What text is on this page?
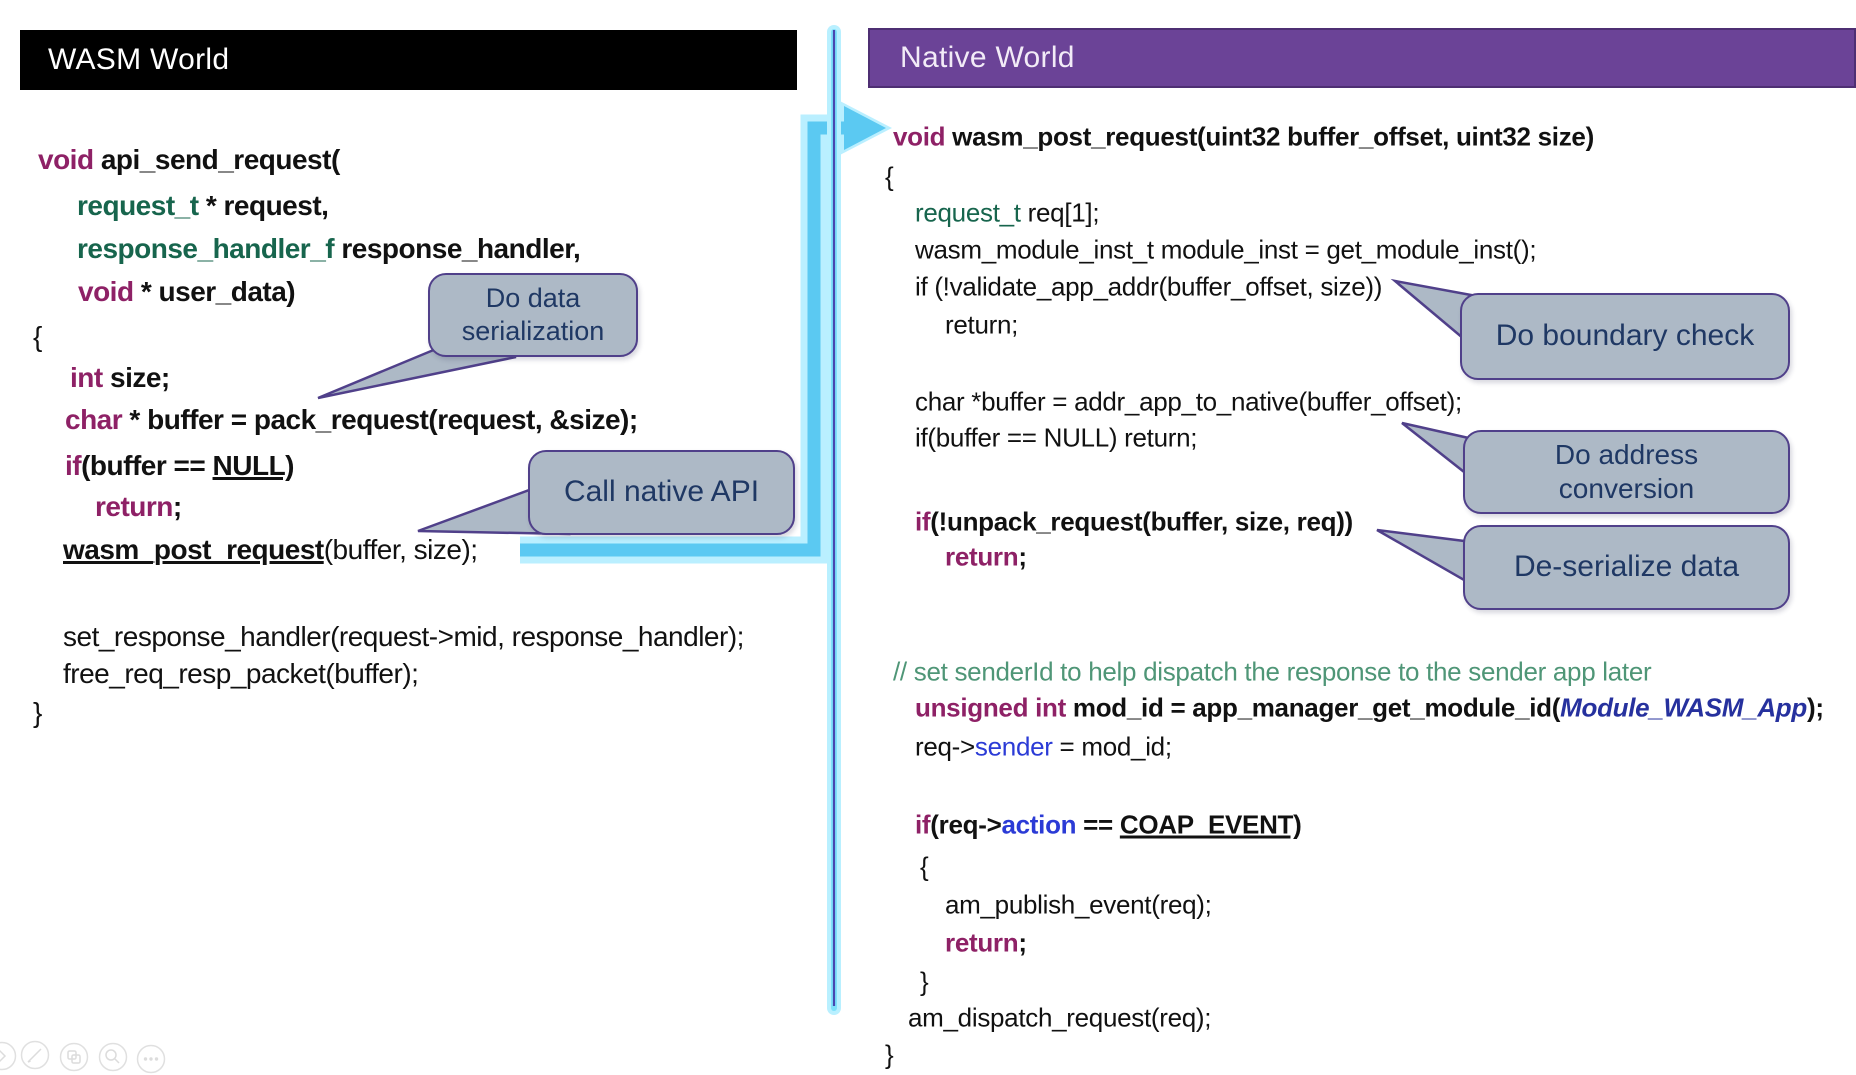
WASM World	Native World
void api_send_request(
request_t * request,
response_handler_f response_handler,
void * user_data)
{
int size;
char * buffer = pack_request(request, &size);
if(buffer == NULL)
return;
wasm_post_request(buffer, size);
set_response_handler(request->mid, response_handler);
free_req_resp_packet(buffer);
}
void wasm_post_request(uint32 buffer_offset, uint32 size)
{
request_t req[1];
wasm_module_inst_t module_inst = get_module_inst();
if (!validate_app_addr(buffer_offset, size))
return;
char *buffer = addr_app_to_native(buffer_offset);
if(buffer == NULL) return;
if(!unpack_request(buffer, size, req))
return;
// set senderId to help dispatch the response to the sender app later
unsigned int mod_id = app_manager_get_module_id(Module_WASM_App);
req->sender = mod_id;
if(req->action == COAP_EVENT)
{
am_publish_event(req);
return;
}
am_dispatch_request(req);
}
Do data
serialization
Call native API
Do boundary check
Do address
conversion
De-serialize data
